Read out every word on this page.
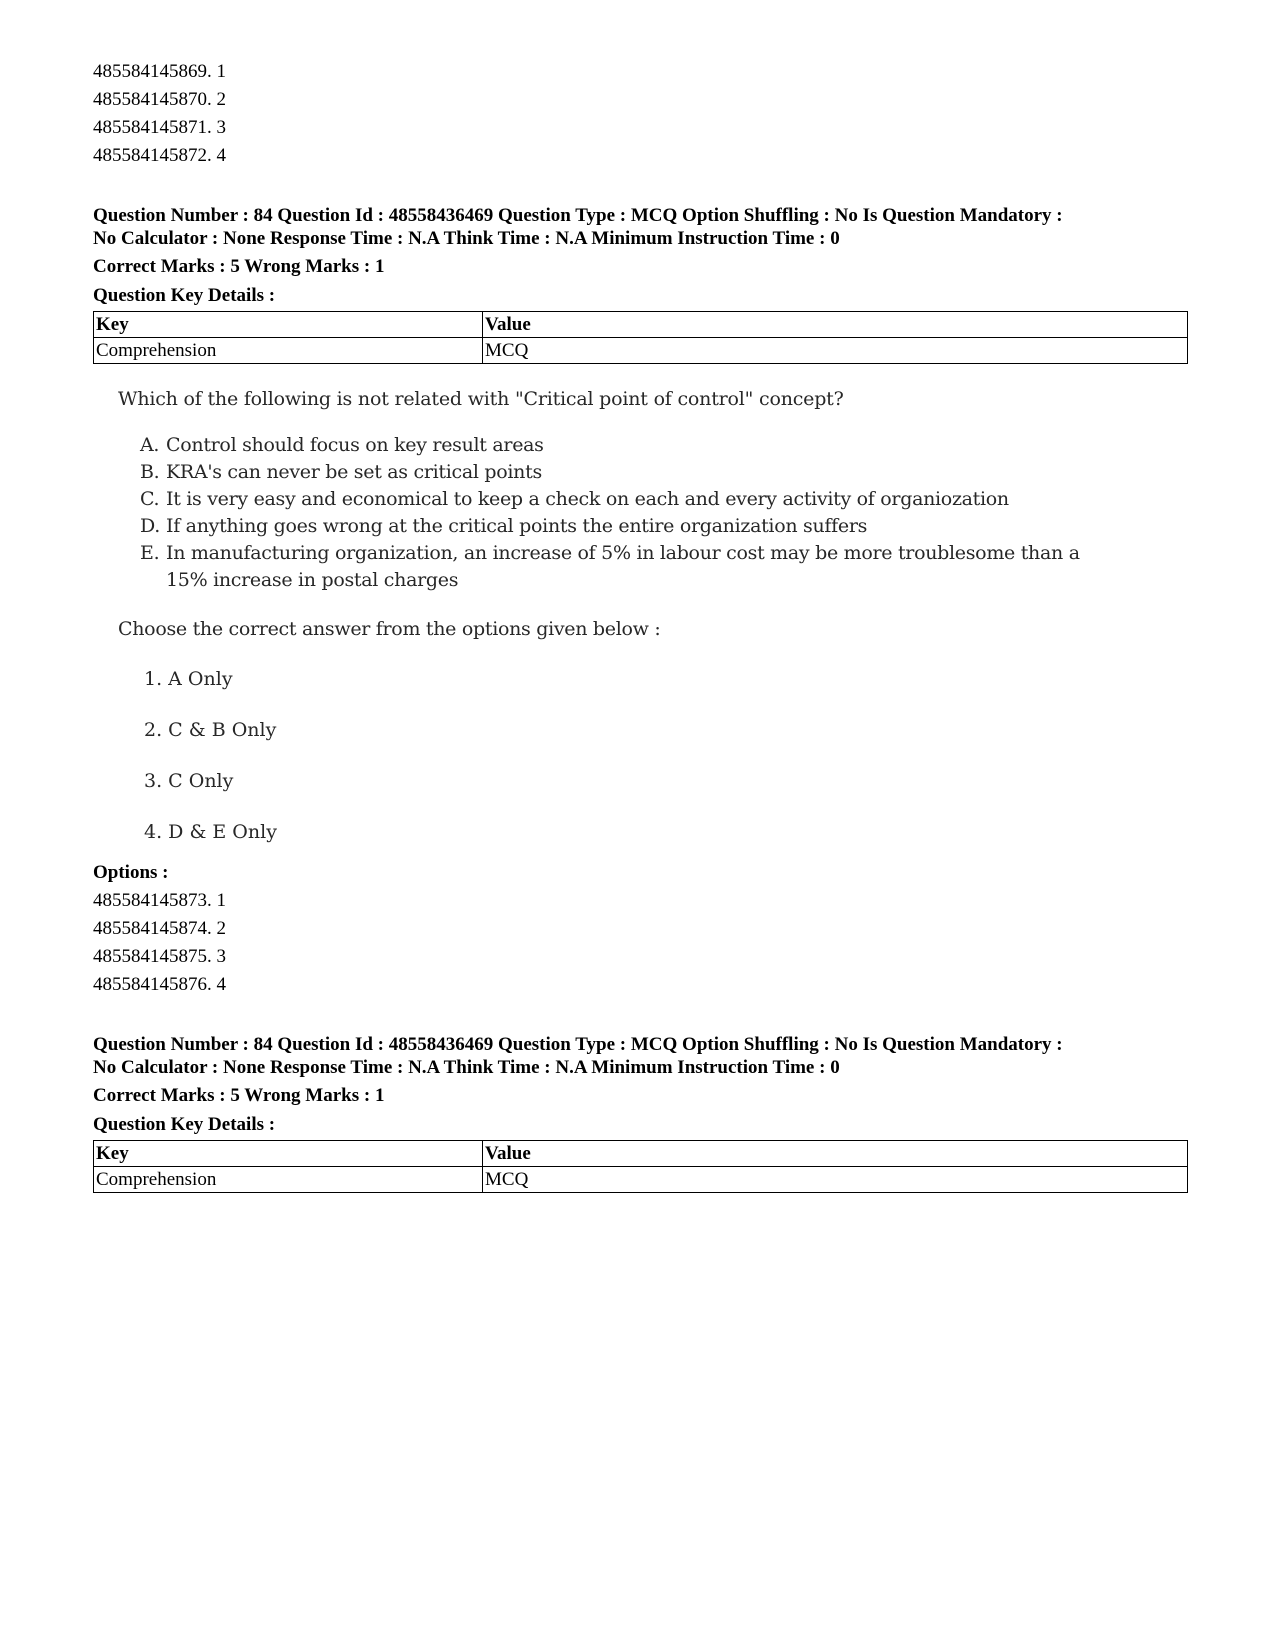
485584145869. 1
485584145870. 2
485584145871. 3
485584145872. 4
Question Number : 84 Question Id : 48558436469 Question Type : MCQ Option Shuffling : No Is Question Mandatory :
No Calculator : None Response Time : N.A Think Time : N.A Minimum Instruction Time : 0
Correct Marks : 5 Wrong Marks : 1
Question Key Details :
Key	Value
Comprehension	MCQ
Which of the following is not related with "Critical point of control" concept?
A. Control should focus on key result areas
B. KRA's can never be set as critical points
C. It is very easy and economical to keep a check on each and every activity of organiozation
D. If anything goes wrong at the critical points the entire organization suffers
E. In manufacturing organization, an increase of 5% in labour cost may be more troublesome than a 15% increase in postal charges
Choose the correct answer from the options given below :
1. A Only
2. C & B Only
3. C Only
4. D & E Only
Options :
485584145873. 1
485584145874. 2
485584145875. 3
485584145876. 4
Question Number : 84 Question Id : 48558436469 Question Type : MCQ Option Shuffling : No Is Question Mandatory :
No Calculator : None Response Time : N.A Think Time : N.A Minimum Instruction Time : 0
Correct Marks : 5 Wrong Marks : 1
Question Key Details :
Key	Value
Comprehension	MCQ
